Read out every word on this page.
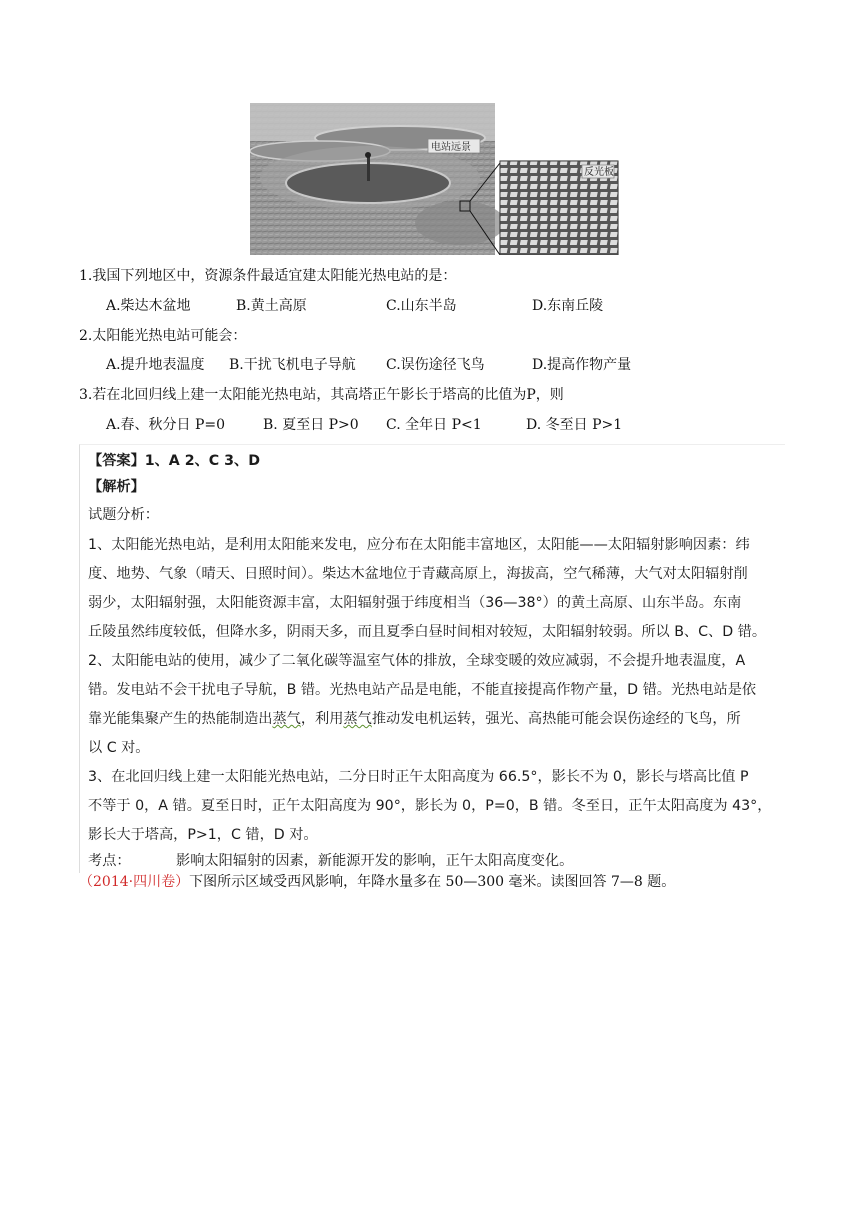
电站远景
反光板
1.我国下列地区中，资源条件最适宜建太阳能光热电站的是：
A.柴达木盆地	B.黄土高原	C.山东半岛	D.东南丘陵
2.太阳能光热电站可能会：
A.提升地表温度 B.干扰飞机电子导航 C.误伤途径飞鸟	D.提高作物产量
3.若在北回归线上建一太阳能光热电站，其高塔正午影长于塔高的比值为P，则
A.春、秋分日 P=0	B. 夏至日 P>0 C. 全年日 P<1	D. 冬至日 P>1
【答案】1、A 2、C 3、D
【解析】
试题分析：
1、太阳能光热电站，是利用太阳能来发电，应分布在太阳能丰富地区，太阳能——太阳辐射影响因素：纬
度、地势、气象（晴天、日照时间）。柴达木盆地位于青藏高原上，海拔高，空气稀薄，大气对太阳辐射削
弱少，太阳辐射强，太阳能资源丰富，太阳辐射强于纬度相当（36—38°）的黄土高原、山东半岛。东南
丘陵虽然纬度较低，但降水多，阴雨天多，而且夏季白昼时间相对较短，太阳辐射较弱。所以 B、C、D 错。
2、太阳能电站的使用，减少了二氧化碳等温室气体的排放，全球变暖的效应减弱，不会提升地表温度，A
错。发电站不会干扰电子导航，B 错。光热电站产品是电能，不能直接提高作物产量，D 错。光热电站是依
靠光能集聚产生的热能制造出蒸气，利用蒸气推动发电机运转，强光、高热能可能会误伤途经的飞鸟，所
以 C 对。
3、在北回归线上建一太阳能光热电站，二分日时正午太阳高度为 66.5°，影长不为 0，影长与塔高比值 P
不等于 0，A 错。夏至日时，正午太阳高度为 90°，影长为 0，P=0，B 错。冬至日，正午太阳高度为 43°，
影长大于塔高，P>1，C 错，D 对。
考点：	影响太阳辐射的因素，新能源开发的影响，正午太阳高度变化。
（2014·四川卷）下图所示区域受西风影响，年降水量多在 50—300 毫米。读图回答 7—8 题。
